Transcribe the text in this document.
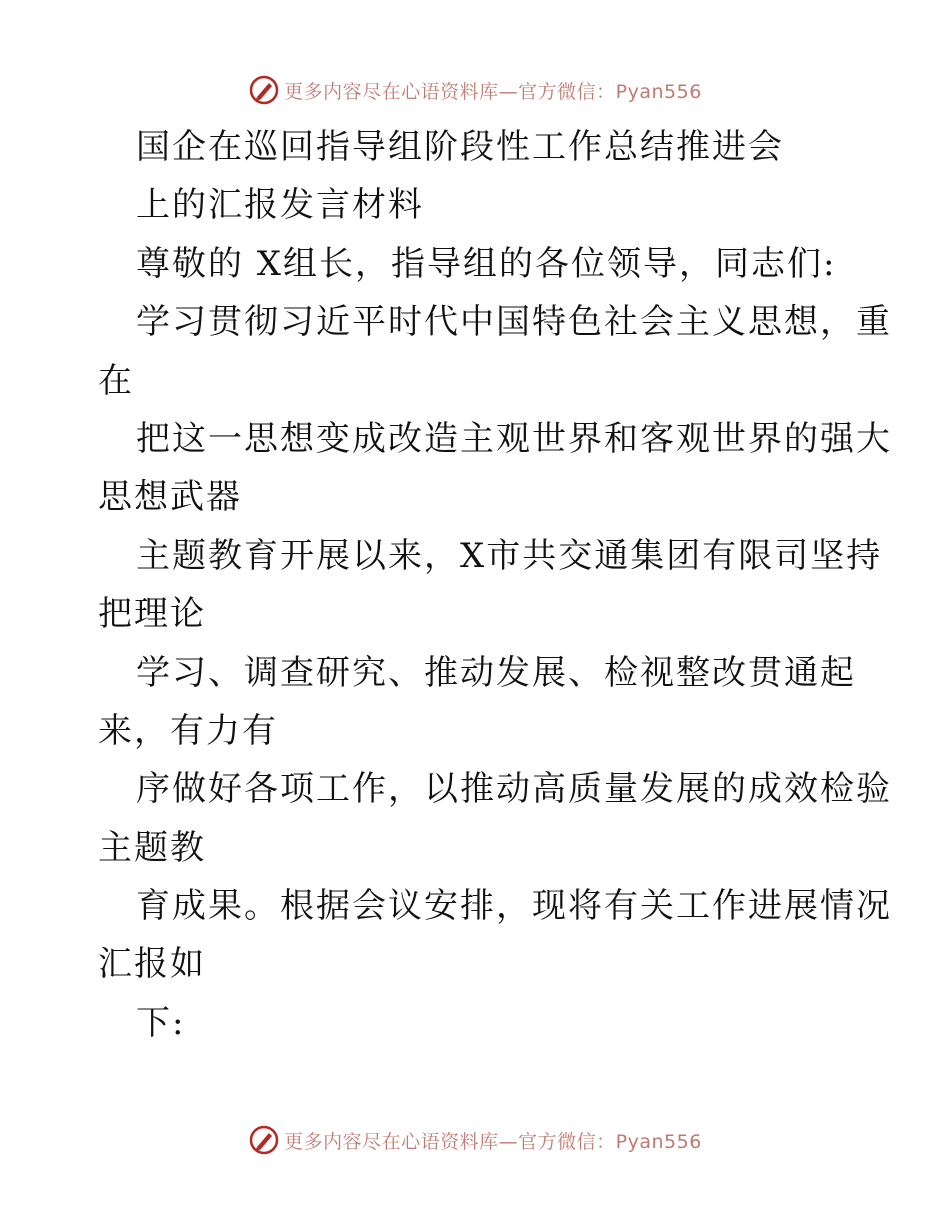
更多内容尽在心语资料库—官方微信：Pyan556
国企在巡回指导组阶段性工作总结推进会
上的汇报发言材料
尊敬的 X组长，指导组的各位领导，同志们:
学习贯彻习近平时代中国特色社会主义思想，重
在
把这一思想变成改造主观世界和客观世界的强大
思想武器
主题教育开展以来，X市共交通集团有限司坚持
把理论
学习、调查研究、推动发展、检视整改贯通起
来，有力有
序做好各项工作，以推动高质量发展的成效检验
主题教
育成果。根据会议安排，现将有关工作进展情况
汇报如
下:
更多内容尽在心语资料库—官方微信：Pyan556
